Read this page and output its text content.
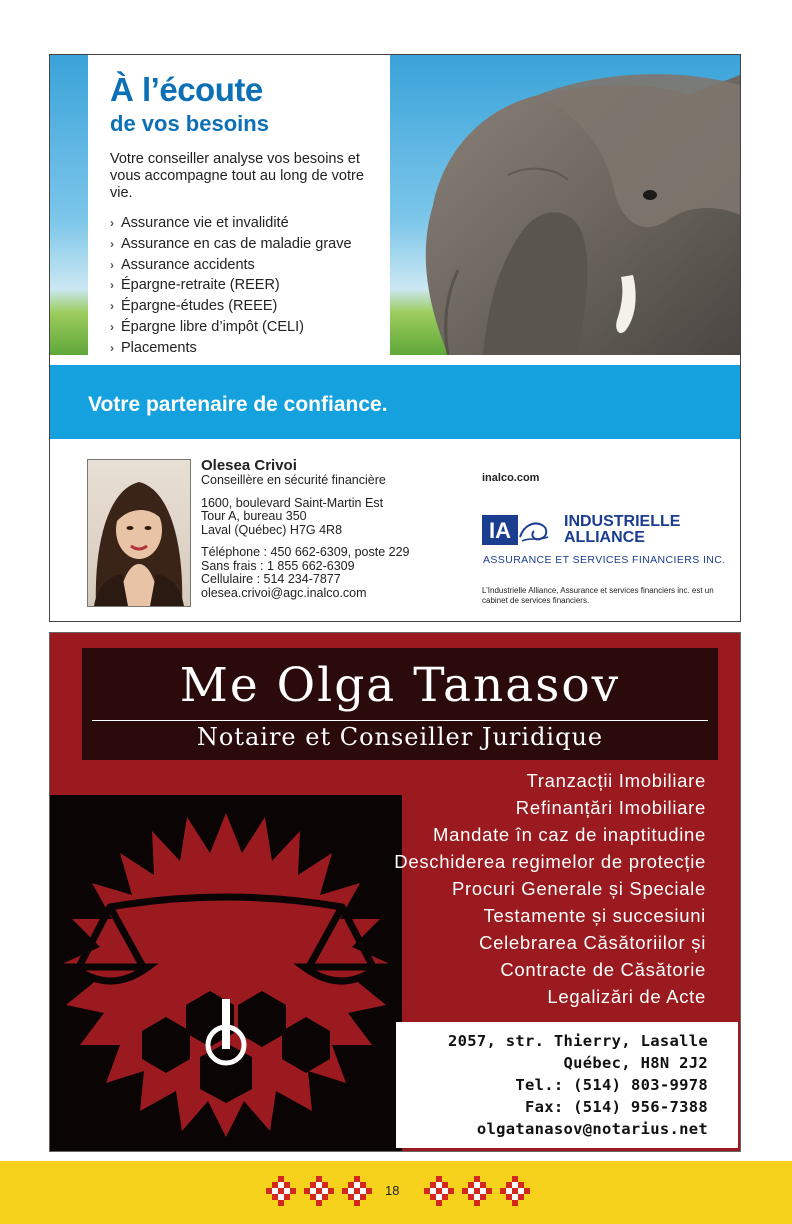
À l’écoute
de vos besoins

Votre conseiller analyse vos besoins et vous accompagne tout au long de votre vie.

› Assurance vie et invalidité
› Assurance en cas de maladie grave
› Assurance accidents
› Épargne-retraite (REER)
› Épargne-études (REEE)
› Épargne libre d’impôt (CELI)
› Placements
Votre partenaire de confiance.
Olesea Crivoi
Conseillère en sécurité financière
1600, boulevard Saint-Martin Est
Tour A, bureau 350
Laval (Québec) H7G 4R8
Téléphone : 450 662-6309, poste 229
Sans frais : 1 855 662-6309
Cellulaire : 514 234-7877
olesea.crivoi@agc.inalco.com
inalco.com
IA	INDUSTRIELLE
ALLIANCE
ASSURANCE ET SERVICES FINANCIERS INC.
L’Industrielle Alliance, Assurance et services financiers inc. est un cabinet de services financiers.
Me Olga Tanasov
Notaire et Conseiller Juridique
Tranzacții Imobiliare
Refinanțări Imobiliare
Mandate în caz de inaptitudine
Deschiderea regimelor de protecție
Procuri Generale și Speciale
Testamente și succesiuni
Celebrarea Căsătoriilor și
Contracte de Căsătorie
Legalizări de Acte
2057, str. Thierry, Lasalle
Québec, H8N 2J2
Tel.: (514) 803-9978
Fax: (514) 956-7388
olgatanasov@notarius.net
18
